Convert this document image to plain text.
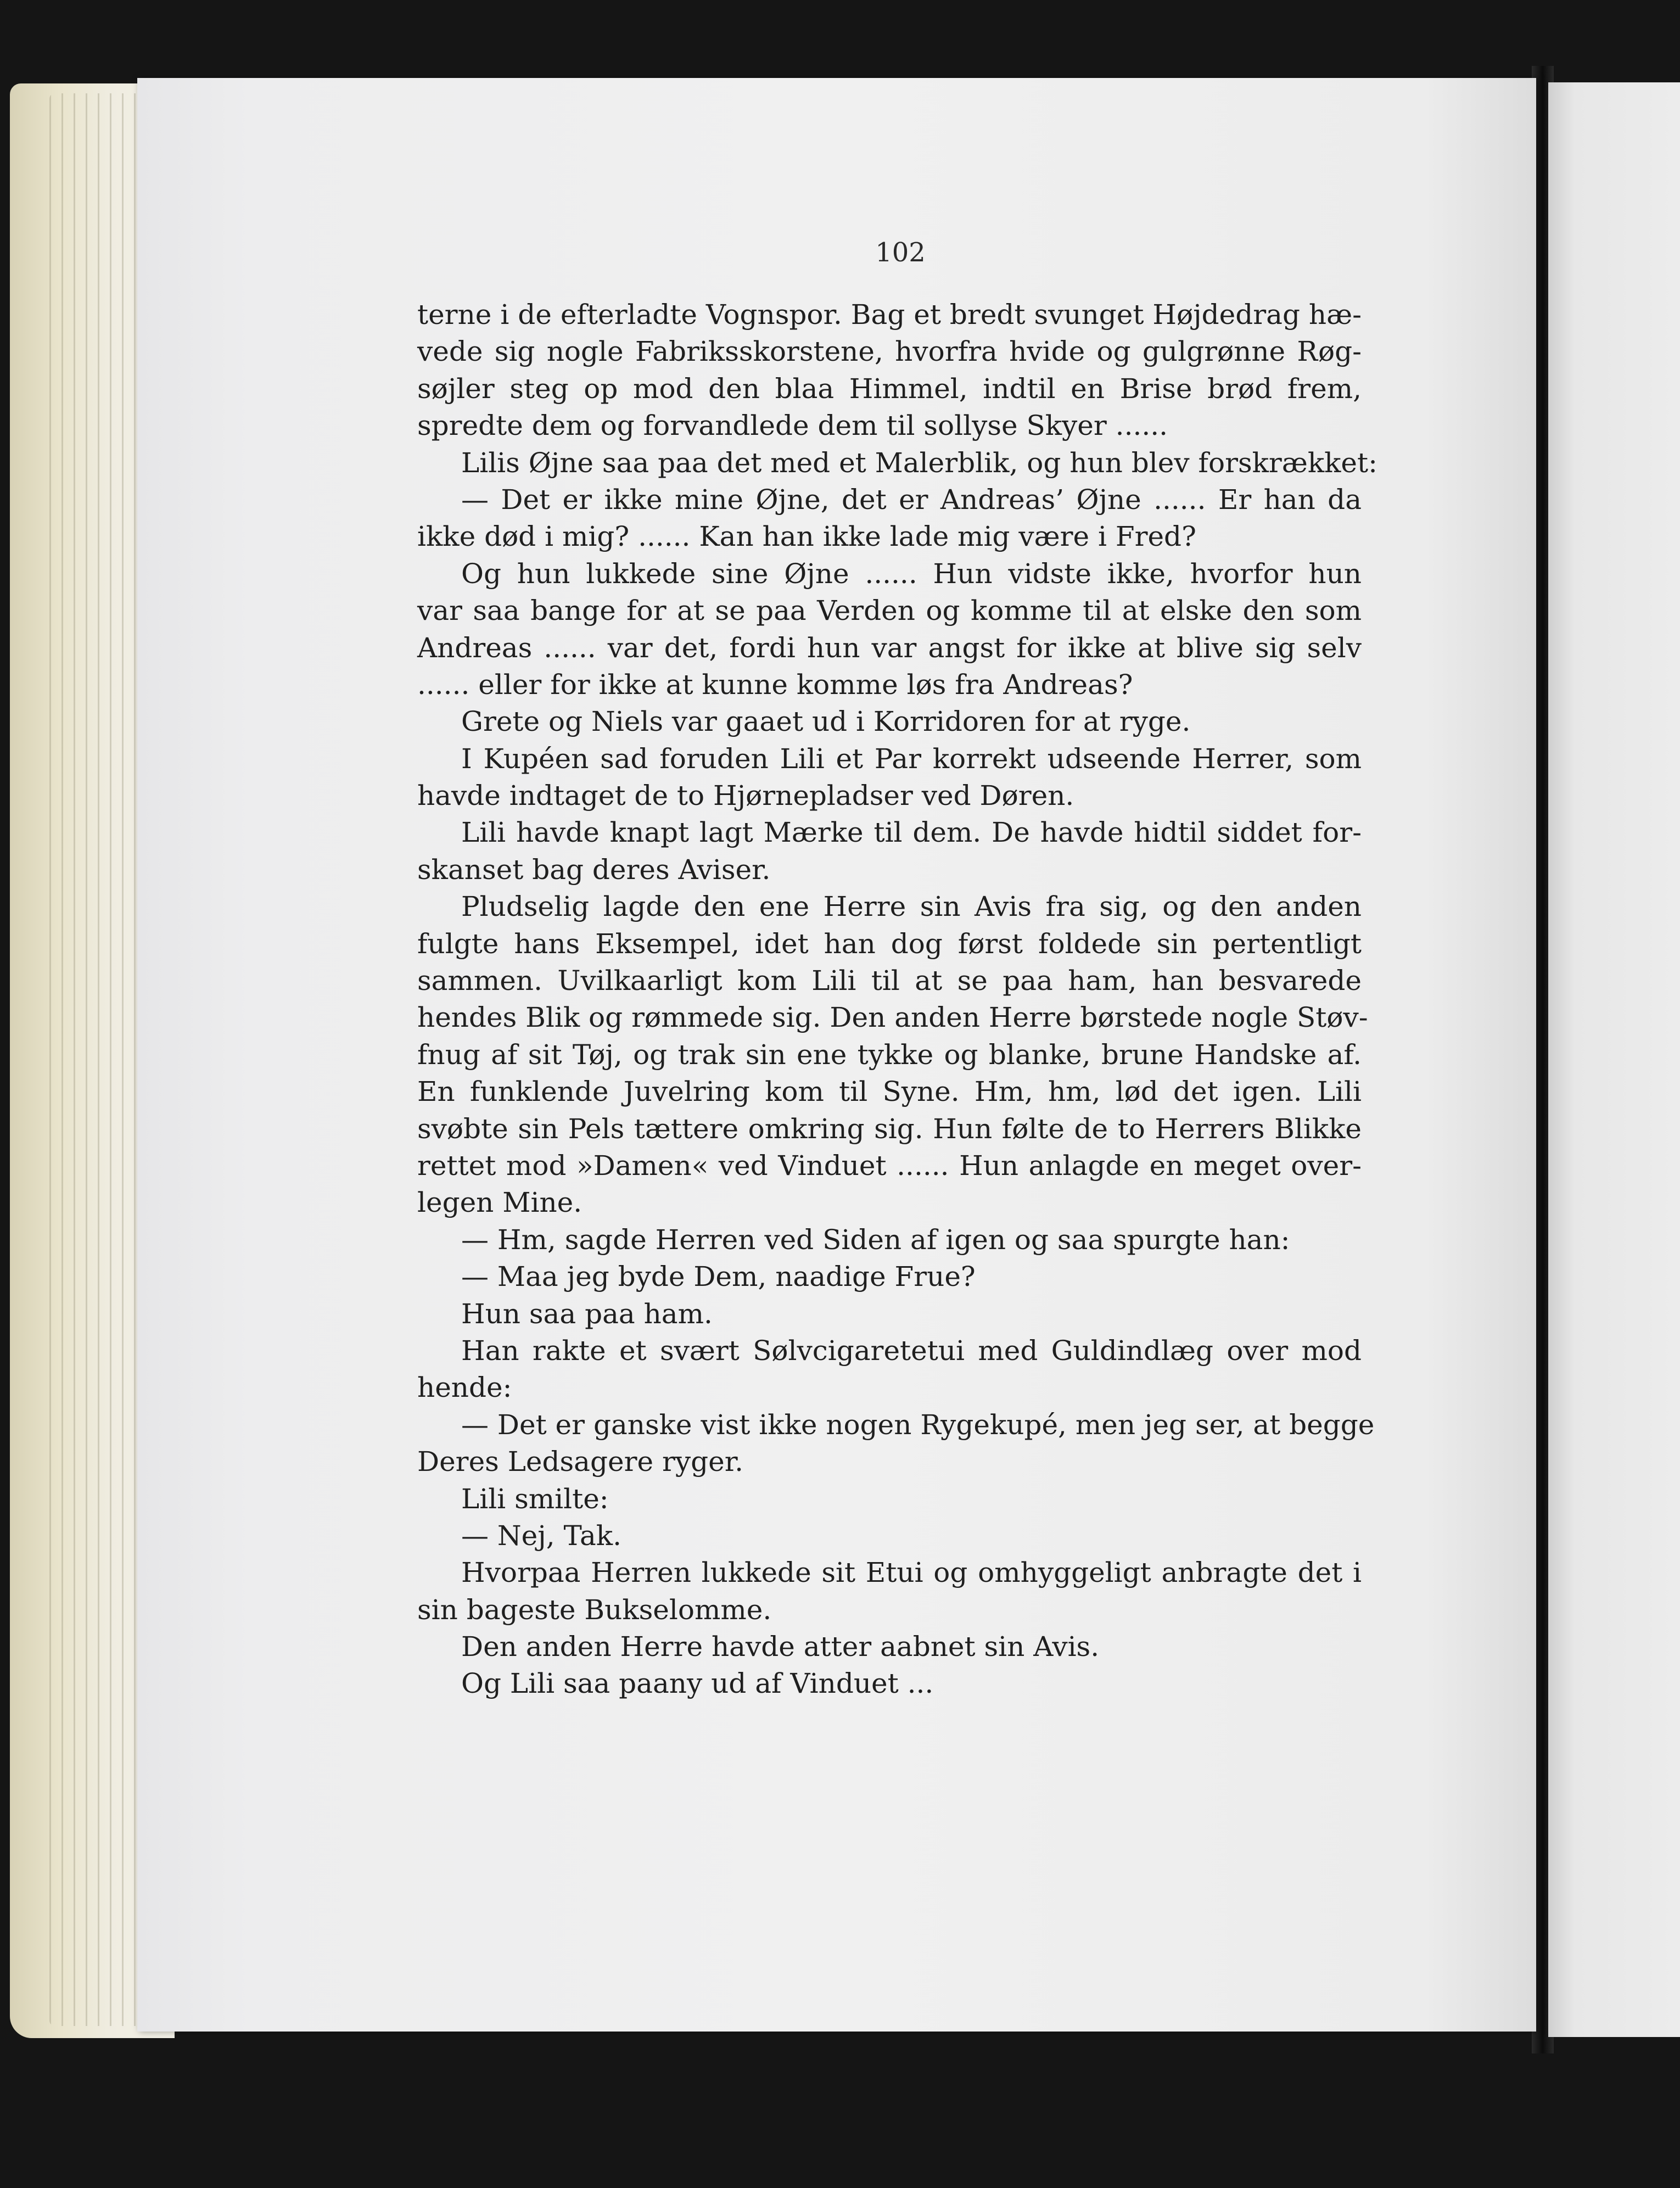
102
terne i de efterladte Vognspor. Bag et bredt svunget Højdedrag hæ-
vede sig nogle Fabriksskorstene, hvorfra hvide og gulgrønne Røg-
søjler steg op mod den blaa Himmel, indtil en Brise brød frem,
spredte dem og forvandlede dem til sollyse Skyer ......
Lilis Øjne saa paa det med et Malerblik, og hun blev forskrækket:
— Det er ikke mine Øjne, det er Andreas’ Øjne ...... Er han da
ikke død i mig? ...... Kan han ikke lade mig være i Fred?
Og hun lukkede sine Øjne ...... Hun vidste ikke, hvorfor hun
var saa bange for at se paa Verden og komme til at elske den som
Andreas ...... var det, fordi hun var angst for ikke at blive sig selv
...... eller for ikke at kunne komme løs fra Andreas?
Grete og Niels var gaaet ud i Korridoren for at ryge.
I Kupéen sad foruden Lili et Par korrekt udseende Herrer, som
havde indtaget de to Hjørnepladser ved Døren.
Lili havde knapt lagt Mærke til dem. De havde hidtil siddet for-
skanset bag deres Aviser.
Pludselig lagde den ene Herre sin Avis fra sig, og den anden
fulgte hans Eksempel, idet han dog først foldede sin pertentligt
sammen. Uvilkaarligt kom Lili til at se paa ham, han besvarede
hendes Blik og rømmede sig. Den anden Herre børstede nogle Støv-
fnug af sit Tøj, og trak sin ene tykke og blanke, brune Handske af.
En funklende Juvelring kom til Syne. Hm, hm, lød det igen. Lili
svøbte sin Pels tættere omkring sig. Hun følte de to Herrers Blikke
rettet mod »Damen« ved Vinduet ...... Hun anlagde en meget over-
legen Mine.
— Hm, sagde Herren ved Siden af igen og saa spurgte han:
— Maa jeg byde Dem, naadige Frue?
Hun saa paa ham.
Han rakte et svært Sølvcigaretetui med Guldindlæg over mod
hende:
— Det er ganske vist ikke nogen Rygekupé, men jeg ser, at begge
Deres Ledsagere ryger.
Lili smilte:
— Nej, Tak.
Hvorpaa Herren lukkede sit Etui og omhyggeligt anbragte det i
sin bageste Bukselomme.
Den anden Herre havde atter aabnet sin Avis.
Og Lili saa paany ud af Vinduet ...
